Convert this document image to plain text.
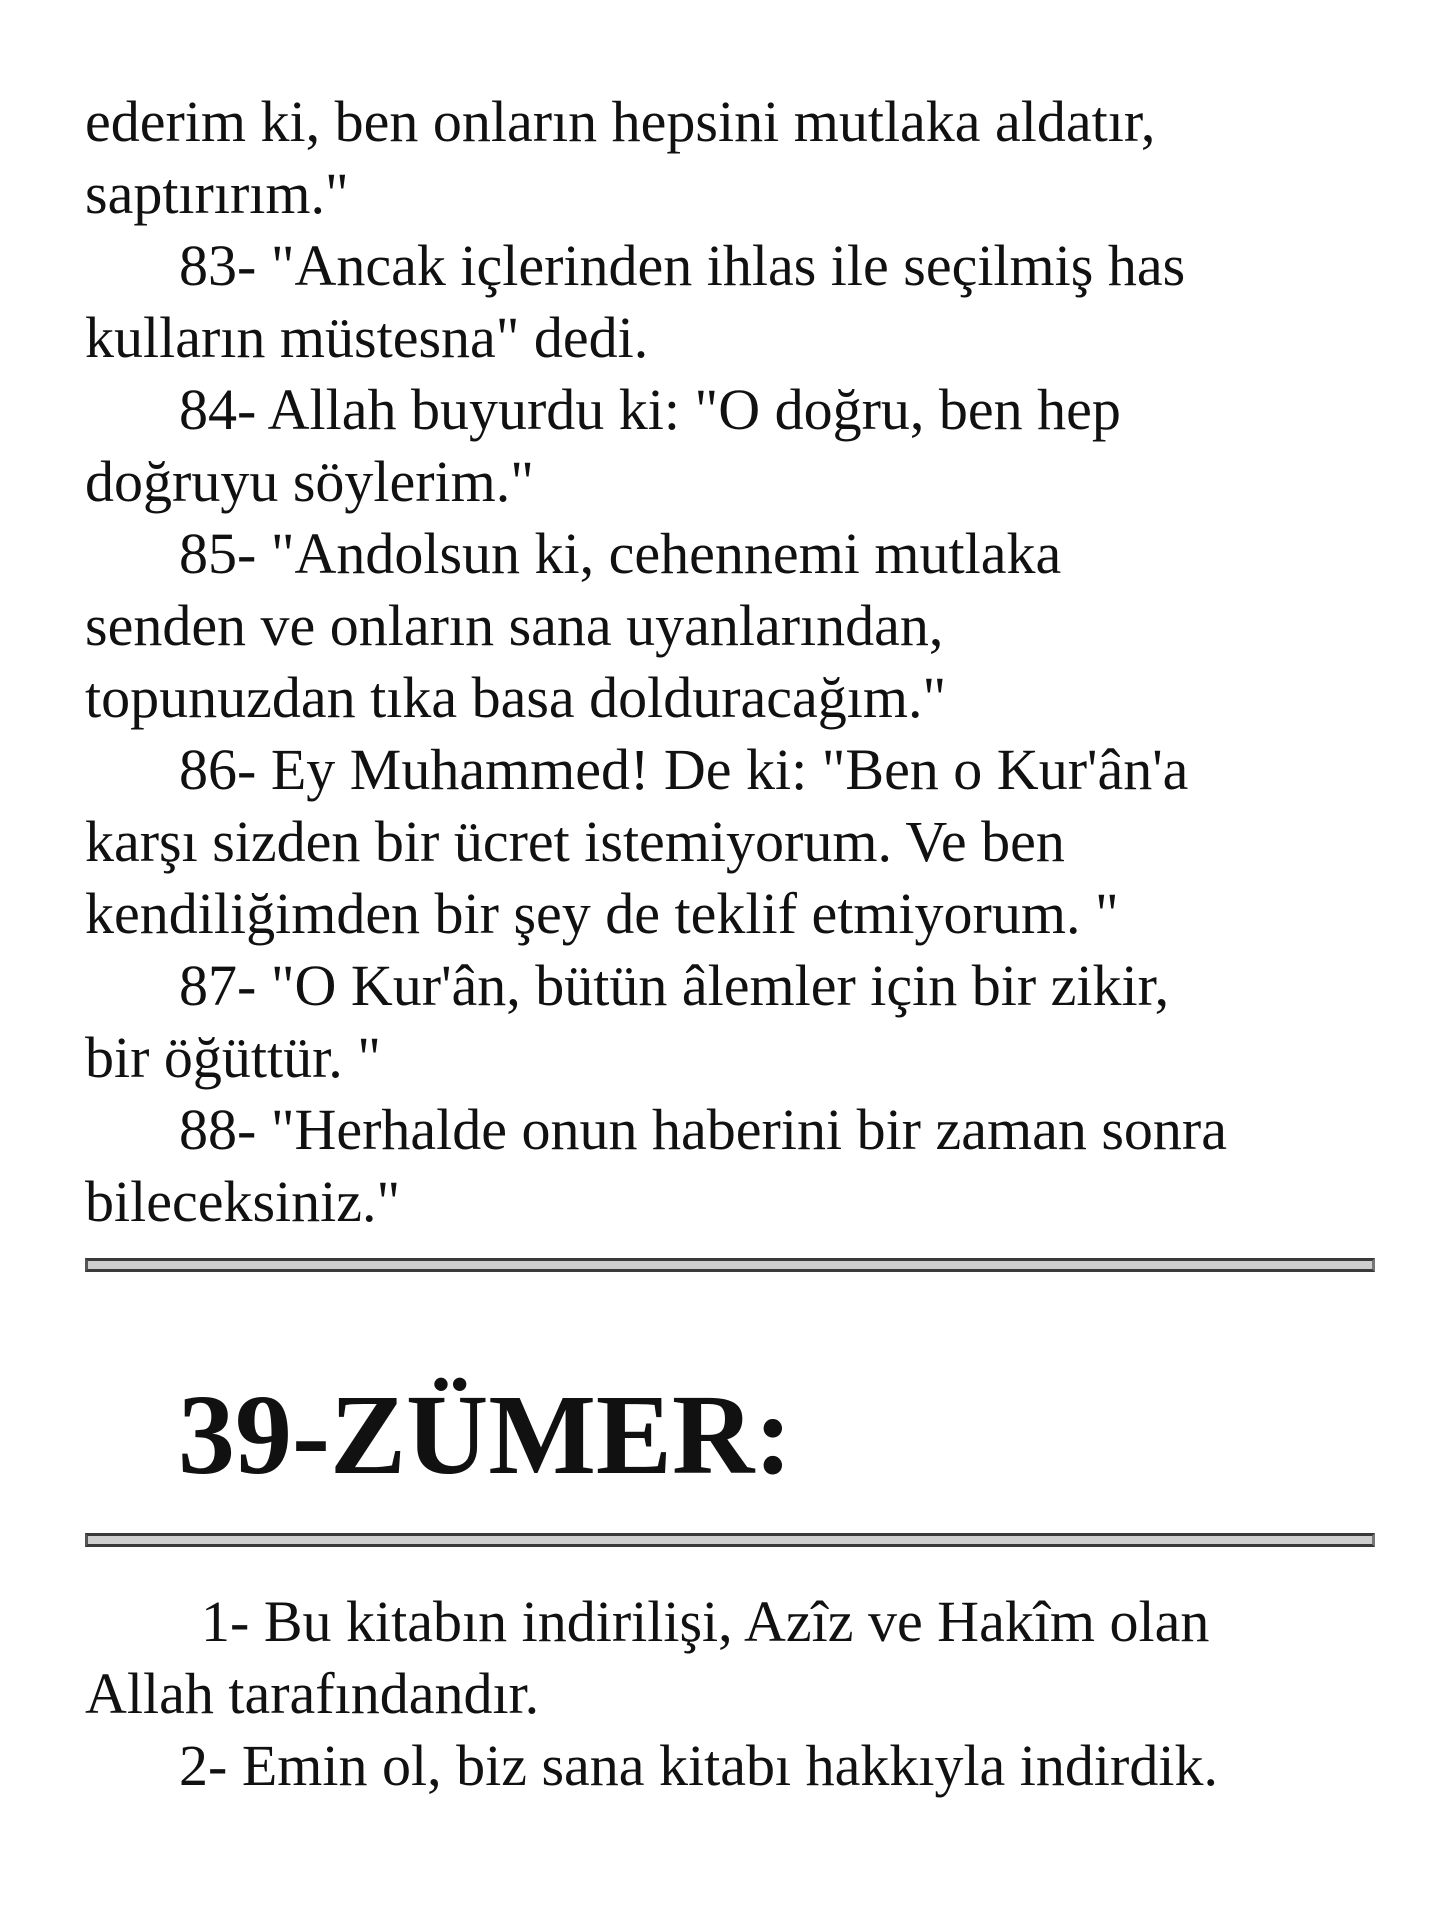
ederim ki, ben onların hepsini mutlaka aldatır,
saptırırım."
83- "Ancak içlerinden ihlas ile seçilmiş has
kulların müstesna" dedi.
84- Allah buyurdu ki: "O doğru, ben hep
doğruyu söylerim."
85- "Andolsun ki, cehennemi mutlaka
senden ve onların sana uyanlarından,
topunuzdan tıka basa dolduracağım."
86- Ey Muhammed! De ki: "Ben o Kur'ân'a
karşı sizden bir ücret istemiyorum. Ve ben
kendiliğimden bir şey de teklif etmiyorum. "
87- "O Kur'ân, bütün âlemler için bir zikir,
bir öğüttür. "
88- "Herhalde onun haberini bir zaman sonra
bileceksiniz."
39-ZÜMER:
1- Bu kitabın indirilişi, Azîz ve Hakîm olan
Allah tarafındandır.
2- Emin ol, biz sana kitabı hakkıyla indirdik.
